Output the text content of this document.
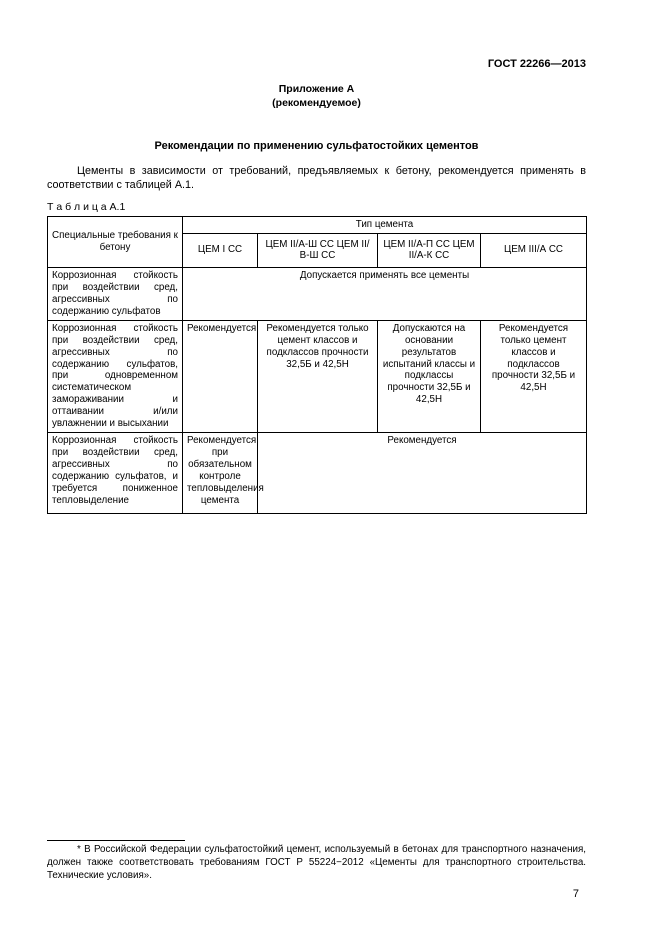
ГОСТ 22266—2013
Приложение А
(рекомендуемое)
Рекомендации по применению сульфатостойких цементов

Цементы в зависимости от требований, предъявляемых к бетону, рекомендуется применять в соответствии с таблицей А.1.

Т а б л и ц а А.1
Специальные требования к бетону	Тип цемента			
	ЦЕМ I СС	ЦЕМ II/А-Ш СС ЦЕМ II/В-Ш СС	ЦЕМ II/А-П СС ЦЕМ II/А-К СС	ЦЕМ III/А СС
Коррозионная стойкость при воздействии сред, агрессивных по содержанию сульфатов	Допускается применять все цементы			
Коррозионная стойкость при воздействии сред, агрессивных по содержанию сульфатов, при одновременном систематическом замораживании и оттаивании и/или увлажнении и высыхании	Рекомендуется	Рекомендуется только цемент классов и подклассов прочности 32,5Б и 42,5Н	Допускаются на основании результатов испытаний классы и подклассы прочности 32,5Б и 42,5Н	Рекомендуется только цемент классов и подклассов прочности 32,5Б и 42,5Н
Коррозионная стойкость при воздействии сред, агрессивных по содержанию сульфатов, и требуется пониженное тепловыделение	Рекомендуется при обязательном контроле тепловыделения цемента	Рекомендуется		

* В Российской Федерации сульфатостойкий цемент, используемый в бетонах для транспортного назначения, должен также соответствовать требованиям ГОСТ Р 55224−2012 «Цементы для транспортного строительства. Технические условия».

7
